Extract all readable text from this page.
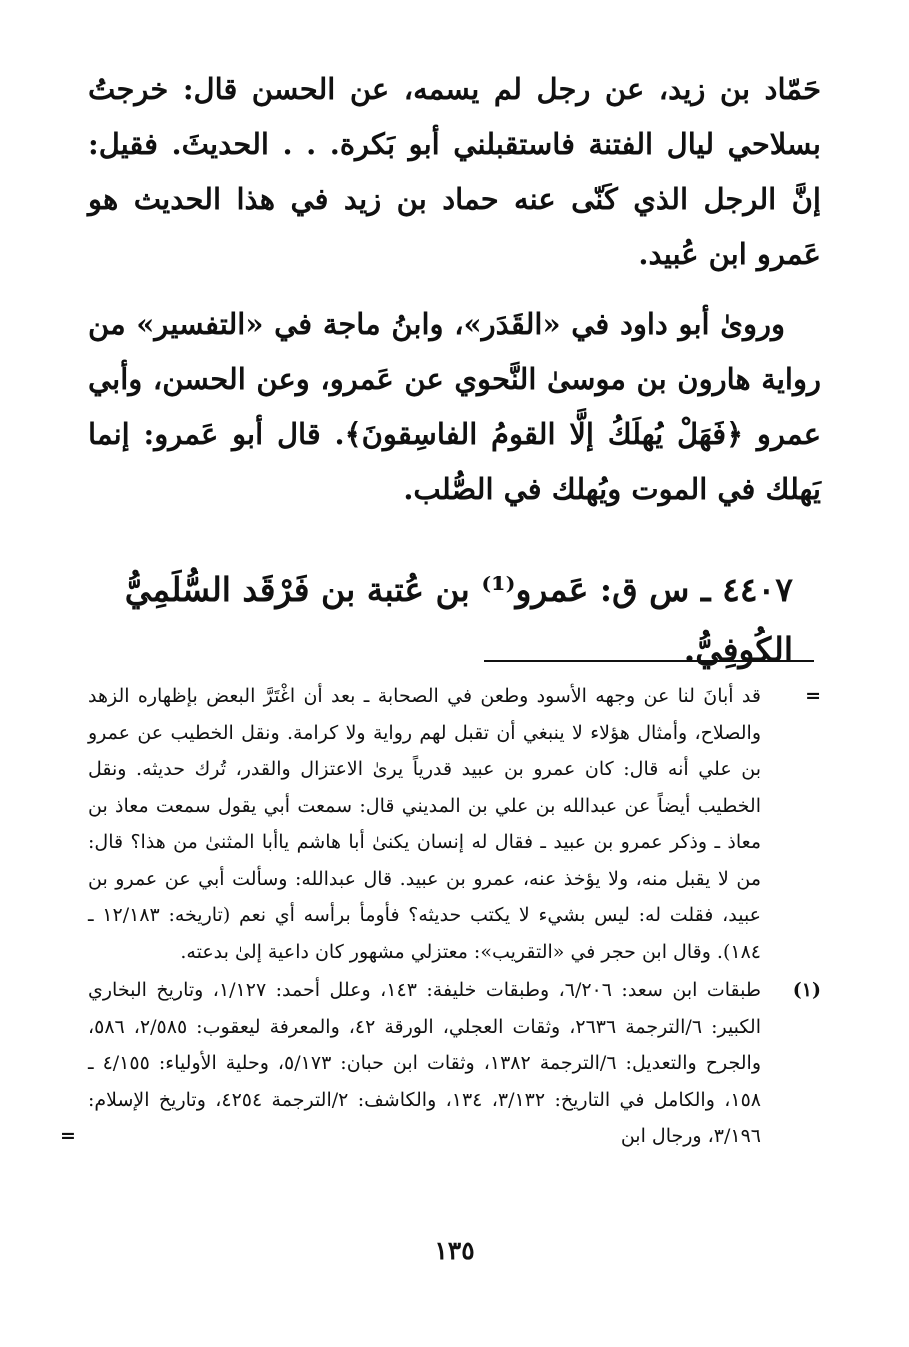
حَمّاد بن زيد، عن رجل لم يسمه، عن الحسن قال: خرجتُ بسلاحي ليال الفتنة فاستقبلني أبو بَكرة. . . الحديثَ. فقيل: إنَّ الرجل الذي كَنّى عنه حماد بن زيد في هذا الحديث هو عَمرو ابن عُبيد.

وروىٰ أبو داود في «القَدَر»، وابنُ ماجة في «التفسير» من رواية هارون بن موسىٰ النَّحوي عن عَمرو، وعن الحسن، وأبي عمرو ﴿فَهَلْ يُهلَكُ إلَّا القومُ الفاسِقونَ﴾. قال أبو عَمرو: إنما يَهلك في الموت ويُهلك في الصُّلب.

٤٤٠٧ ـ س ق: عَمرو⁽¹⁾ بن عُتبة بن فَرْقَد السُّلَمِيُّ الكُوفِيُّ.
=
قد أبانَ لنا عن وجهه الأسود وطعن في الصحابة ـ بعد أن اغْتَرَّ البعض بإظهاره الزهد والصلاح، وأمثال هؤلاء لا ينبغي أن تقبل لهم رواية ولا كرامة. ونقل الخطيب عن عمرو بن علي أنه قال: كان عمرو بن عبيد قدرياً يرىٰ الاعتزال والقدر، تُرك حديثه. ونقل الخطيب أيضاً عن عبدالله بن علي بن المديني قال: سمعت أبي يقول سمعت معاذ بن معاذ ـ وذكر عمرو بن عبيد ـ فقال له إنسان يكنىٰ أبا هاشم ياأبا المثنىٰ من هذا؟ قال: من لا يقبل منه، ولا يؤخذ عنه، عمرو بن عبيد. قال عبدالله: وسألت أبي عن عمرو بن عبيد، فقلت له: ليس بشيء لا يكتب حديثه؟ فأومأ برأسه أي نعم (تاريخه: ١٢/١٨٣ ـ ١٨٤). وقال ابن حجر في «التقريب»: معتزلي مشهور كان داعية إلىٰ بدعته.
(١)
طبقات ابن سعد: ٦/٢٠٦، وطبقات خليفة: ١٤٣، وعلل أحمد: ١/١٢٧، وتاريخ البخاري الكبير: ٦/الترجمة ٢٦٣٦، وثقات العجلي، الورقة ٤٢، والمعرفة ليعقوب: ٢/٥٨٥، ٥٨٦، والجرح والتعديل: ٦/الترجمة ١٣٨٢، وثقات ابن حبان: ٥/١٧٣، وحلية الأولياء: ٤/١٥٥ ـ ١٥٨، والكامل في التاريخ: ٣/١٣٢، ١٣٤، والكاشف: ٢/الترجمة ٤٢٥٤، وتاريخ الإسلام: ٣/١٩٦، ورجال ابن
=
١٣٥
